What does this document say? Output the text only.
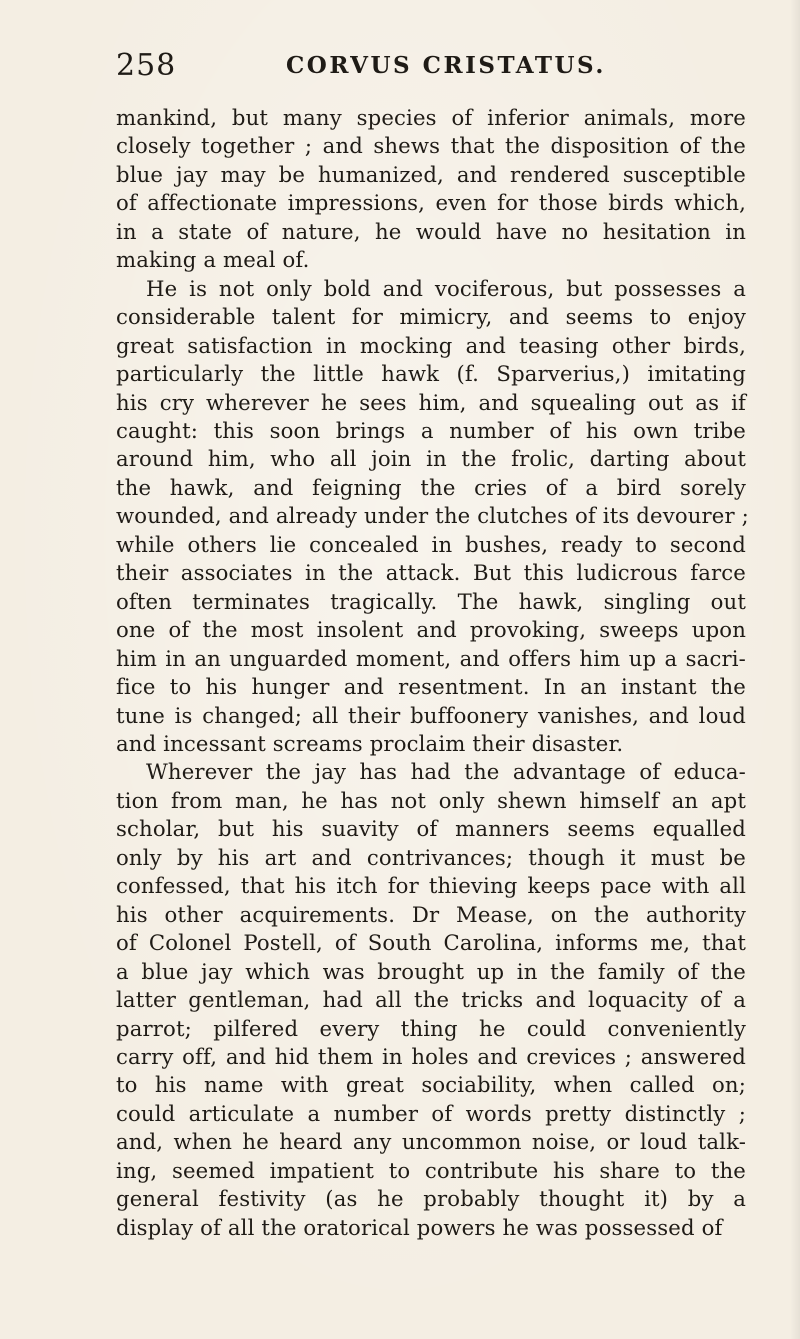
258	CORVUS CRISTATUS.
mankind, but many species of inferior animals, more
closely together ; and shews that the disposition of the
blue jay may be humanized, and rendered susceptible
of affectionate impressions, even for those birds which,
in a state of nature, he would have no hesitation in
making a meal of.
He is not only bold and vociferous, but possesses a
considerable talent for mimicry, and seems to enjoy
great satisfaction in mocking and teasing other birds,
particularly the little hawk (f. Sparverius,) imitating
his cry wherever he sees him, and squealing out as if
caught: this soon brings a number of his own tribe
around him, who all join in the frolic, darting about
the hawk, and feigning the cries of a bird sorely
wounded, and already under the clutches of its devourer ;
while others lie concealed in bushes, ready to second
their associates in the attack. But this ludicrous farce
often terminates tragically. The hawk, singling out
one of the most insolent and provoking, sweeps upon
him in an unguarded moment, and offers him up a sacri-
fice to his hunger and resentment. In an instant the
tune is changed; all their buffoonery vanishes, and loud
and incessant screams proclaim their disaster.
Wherever the jay has had the advantage of educa-
tion from man, he has not only shewn himself an apt
scholar, but his suavity of manners seems equalled
only by his art and contrivances; though it must be
confessed, that his itch for thieving keeps pace with all
his other acquirements. Dr Mease, on the authority
of Colonel Postell, of South Carolina, informs me, that
a blue jay which was brought up in the family of the
latter gentleman, had all the tricks and loquacity of a
parrot; pilfered every thing he could conveniently
carry off, and hid them in holes and crevices ; answered
to his name with great sociability, when called on;
could articulate a number of words pretty distinctly ;
and, when he heard any uncommon noise, or loud talk-
ing, seemed impatient to contribute his share to the
general festivity (as he probably thought it) by a
display of all the oratorical powers he was possessed of
